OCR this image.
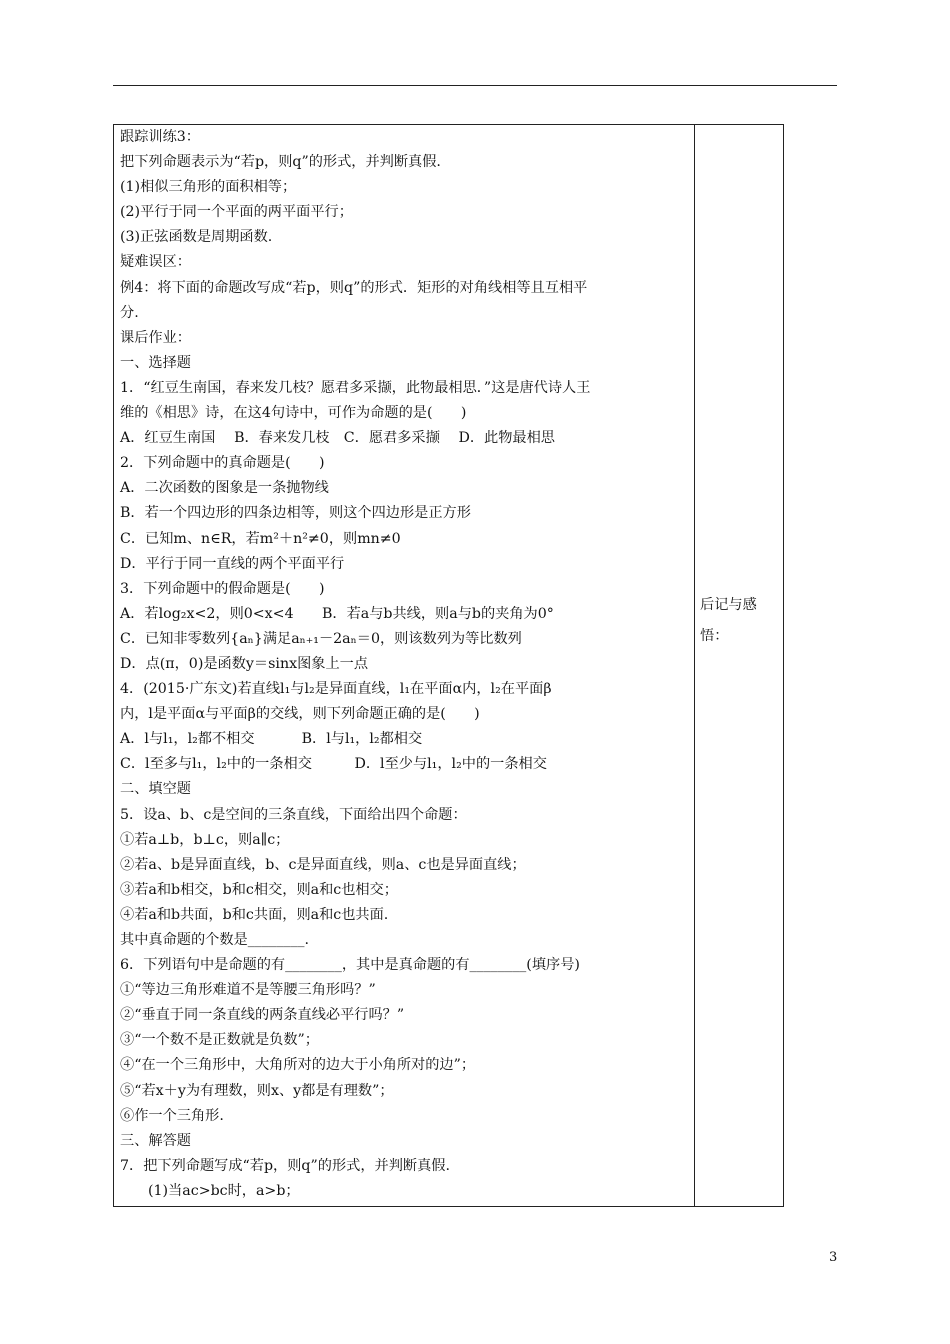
跟踪训练3：
把下列命题表示为“若p，则q”的形式，并判断真假.
(1)相似三角形的面积相等；
(2)平行于同一个平面的两平面平行；
(3)正弦函数是周期函数.
疑难误区：
例4：将下面的命题改写成“若p，则q”的形式．矩形的对角线相等且互相平
分.
课后作业：
一、选择题
1．“红豆生南国，春来发几枝？愿君多采撷，此物最相思．”这是唐代诗人王
维的《相思》诗，在这4句诗中，可作为命题的是(　　)
A．红豆生南国　 B．春来发几枝　C．愿君多采撷　 D．此物最相思
2．下列命题中的真命题是(　　)
A．二次函数的图象是一条抛物线
B．若一个四边形的四条边相等，则这个四边形是正方形
C．已知m、n∈R，若m²＋n²≠0，则mn≠0
D．平行于同一直线的两个平面平行
3．下列命题中的假命题是(　　)
A．若log₂x<2，则0<x<4　　B．若a与b共线，则a与b的夹角为0°
C．已知非零数列{aₙ}满足aₙ₊₁－2aₙ＝0，则该数列为等比数列
D．点(π，0)是函数y＝sinx图象上一点
4．(2015·广东文)若直线l₁与l₂是异面直线，l₁在平面α内，l₂在平面β
内，l是平面α与平面β的交线，则下列命题正确的是(　　)
A．l与l₁，l₂都不相交　　　 B．l与l₁，l₂都相交
C．l至多与l₁，l₂中的一条相交　　　D．l至少与l₁，l₂中的一条相交
二、填空题
5．设a、b、c是空间的三条直线，下面给出四个命题：
①若a⊥b，b⊥c，则a∥c；
②若a、b是异面直线，b、c是异面直线，则a、c也是异面直线；
③若a和b相交，b和c相交，则a和c也相交；
④若a和b共面，b和c共面，则a和c也共面.
其中真命题的个数是________.
6．下列语句中是命题的有________，其中是真命题的有________(填序号)
①“等边三角形难道不是等腰三角形吗？”
②“垂直于同一条直线的两条直线必平行吗？”
③“一个数不是正数就是负数”；
④“在一个三角形中，大角所对的边大于小角所对的边”；
⑤“若x＋y为有理数，则x、y都是有理数”；
⑥作一个三角形.
三、解答题
7．把下列命题写成“若p，则q”的形式，并判断真假.
(1)当ac>bc时，a>b；
后记与感悟：
3
